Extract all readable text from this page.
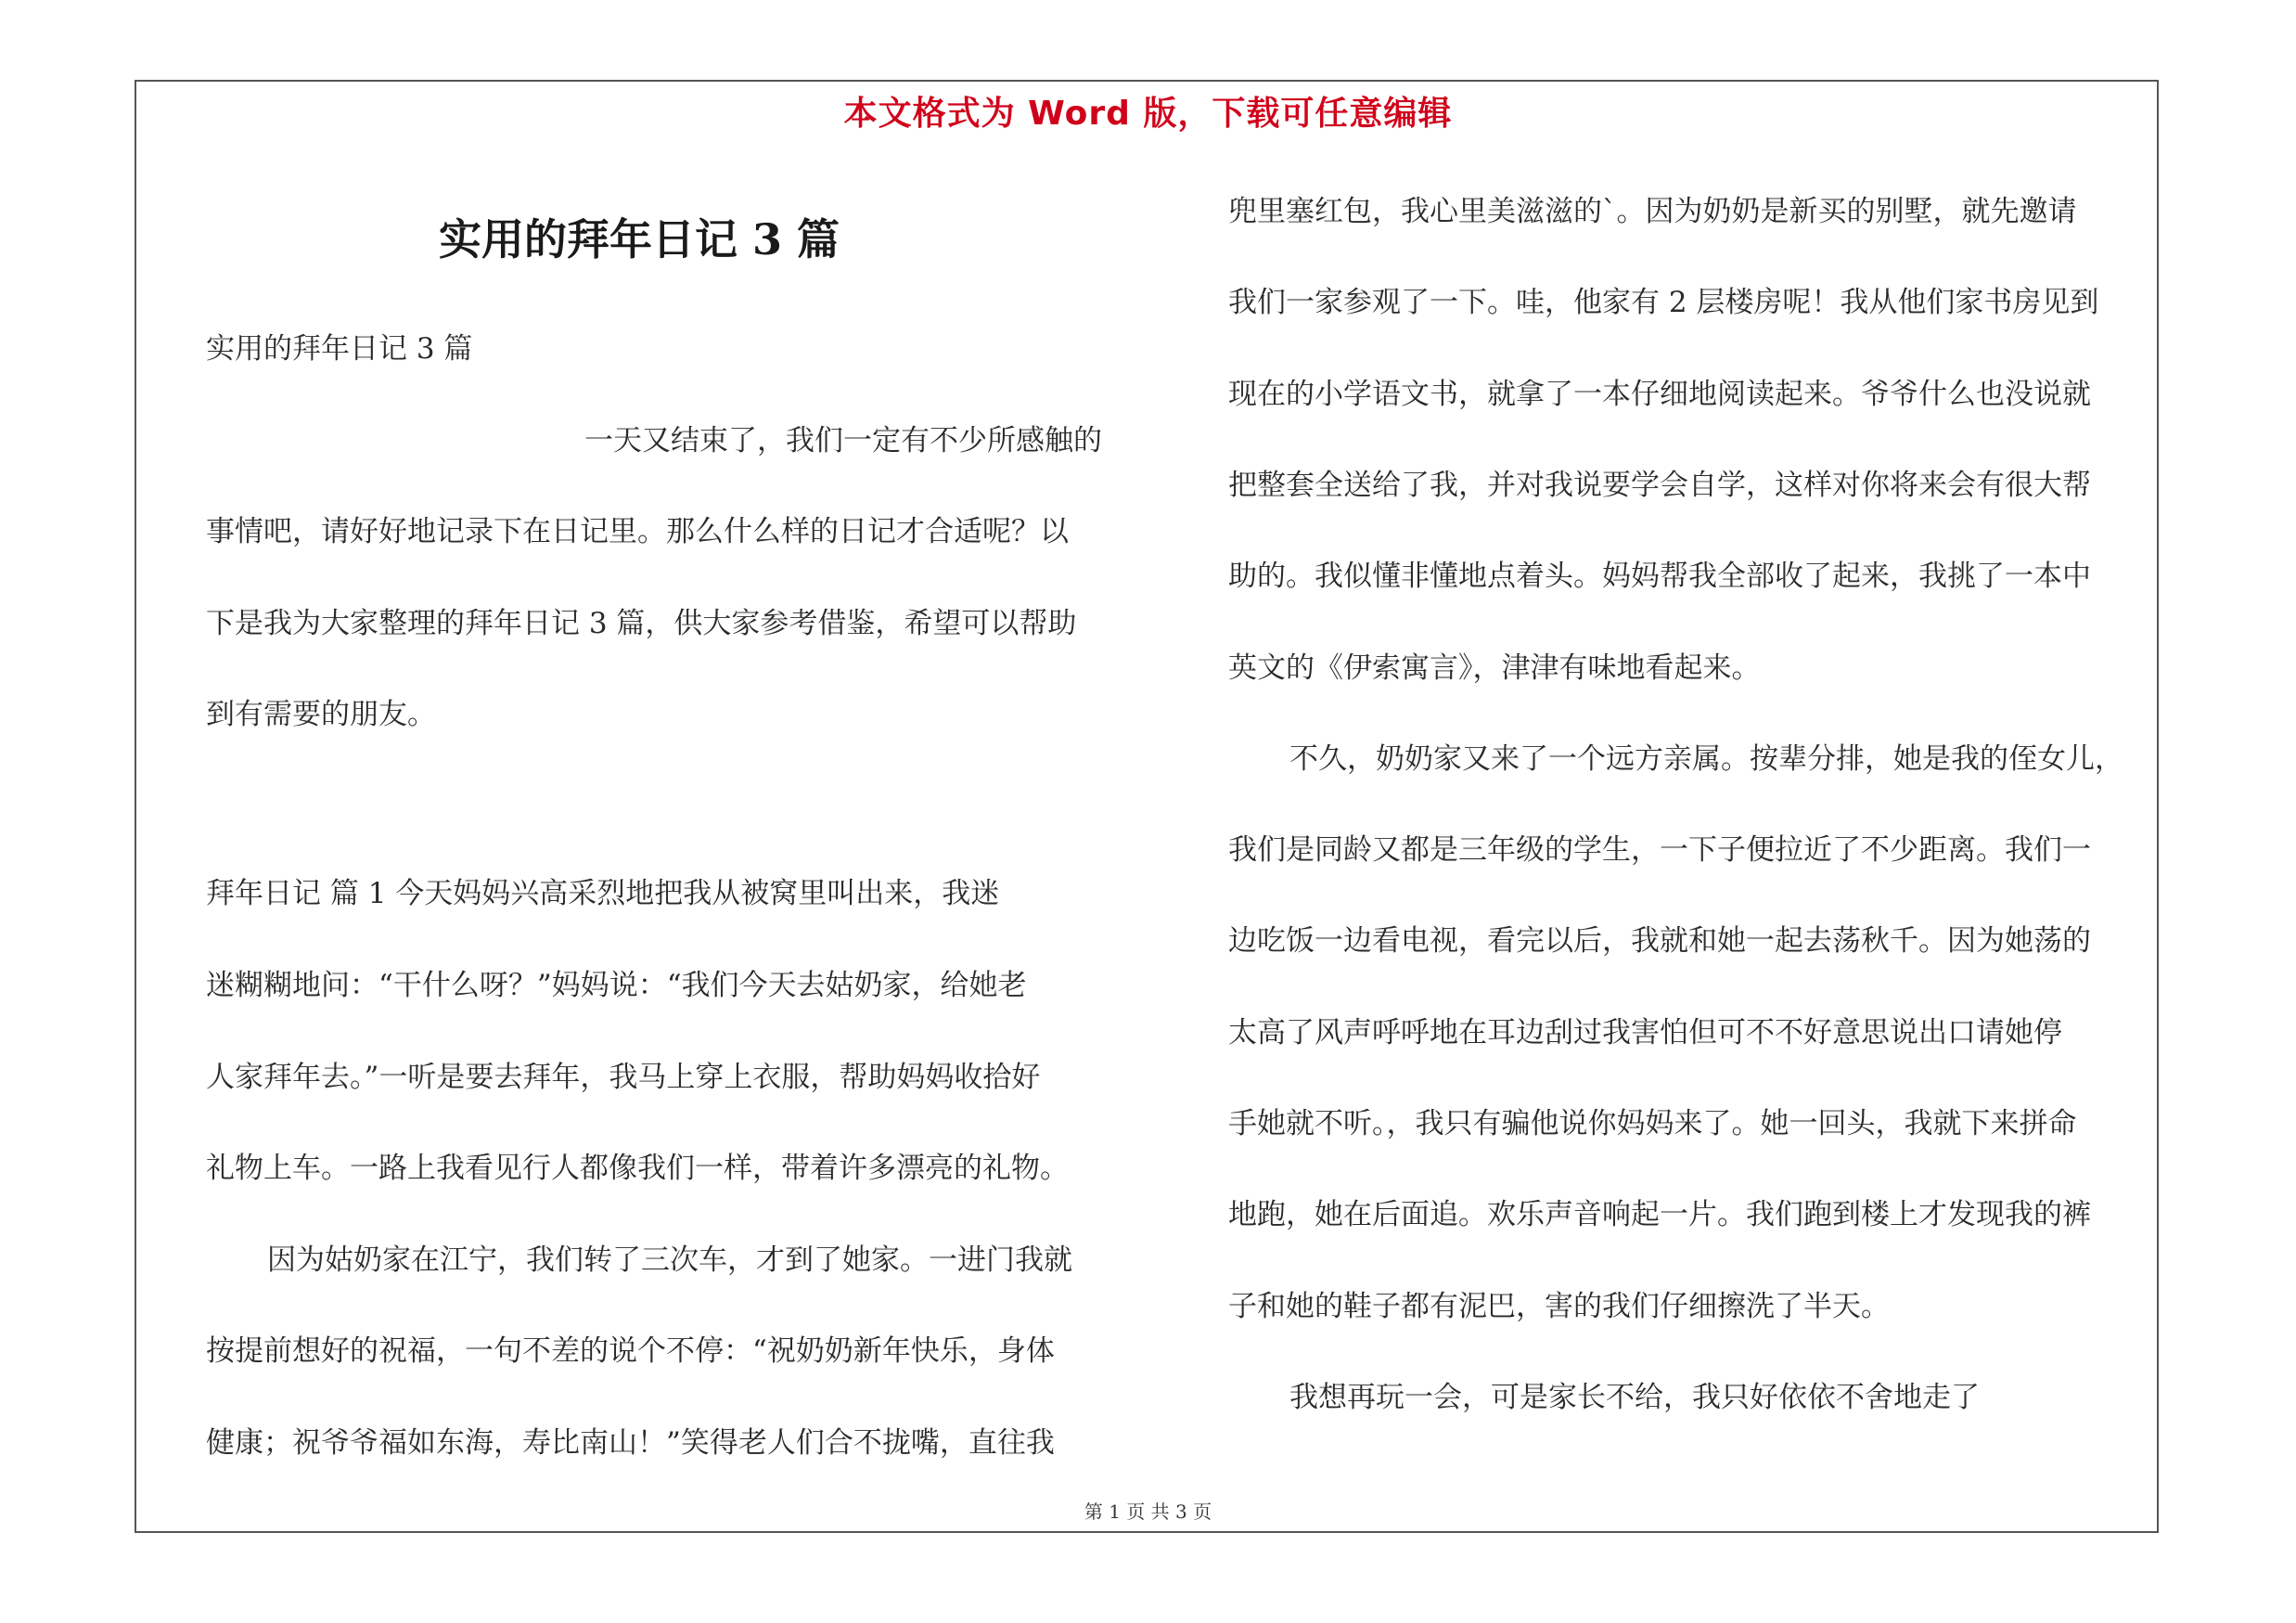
本文格式为 Word 版，下载可任意编辑
实用的拜年日记 3 篇
实用的拜年日记 3 篇
一天又结束了，我们一定有不少所感触的
事情吧，请好好地记录下在日记里。那么什么样的日记才合适呢？以
下是我为大家整理的拜年日记 3 篇，供大家参考借鉴，希望可以帮助
到有需要的朋友。
拜年日记 篇 1 今天妈妈兴高采烈地把我从被窝里叫出来，我迷
迷糊糊地问：“干什么呀？”妈妈说：“我们今天去姑奶家，给她老
人家拜年去。”一听是要去拜年，我马上穿上衣服，帮助妈妈收拾好
礼物上车。一路上我看见行人都像我们一样，带着许多漂亮的礼物。
因为姑奶家在江宁，我们转了三次车，才到了她家。一进门我就
按提前想好的祝福，一句不差的说个不停：“祝奶奶新年快乐，身体
健康；祝爷爷福如东海，寿比南山！”笑得老人们合不拢嘴，直往我
兜里塞红包，我心里美滋滋的`。因为奶奶是新买的别墅，就先邀请
我们一家参观了一下。哇，他家有 2 层楼房呢！我从他们家书房见到
现在的小学语文书，就拿了一本仔细地阅读起来。爷爷什么也没说就
把整套全送给了我，并对我说要学会自学，这样对你将来会有很大帮
助的。我似懂非懂地点着头。妈妈帮我全部收了起来，我挑了一本中
英文的《伊索寓言》，津津有味地看起来。
不久，奶奶家又来了一个远方亲属。按辈分排，她是我的侄女儿，
我们是同龄又都是三年级的学生，一下子便拉近了不少距离。我们一
边吃饭一边看电视，看完以后，我就和她一起去荡秋千。因为她荡的
太高了风声呼呼地在耳边刮过我害怕但可不不好意思说出口请她停
手她就不听。，我只有骗他说你妈妈来了。她一回头，我就下来拼命
地跑，她在后面追。欢乐声音响起一片。我们跑到楼上才发现我的裤
子和她的鞋子都有泥巴，害的我们仔细擦洗了半天。
我想再玩一会，可是家长不给，我只好依依不舍地走了
第 1 页 共 3 页
